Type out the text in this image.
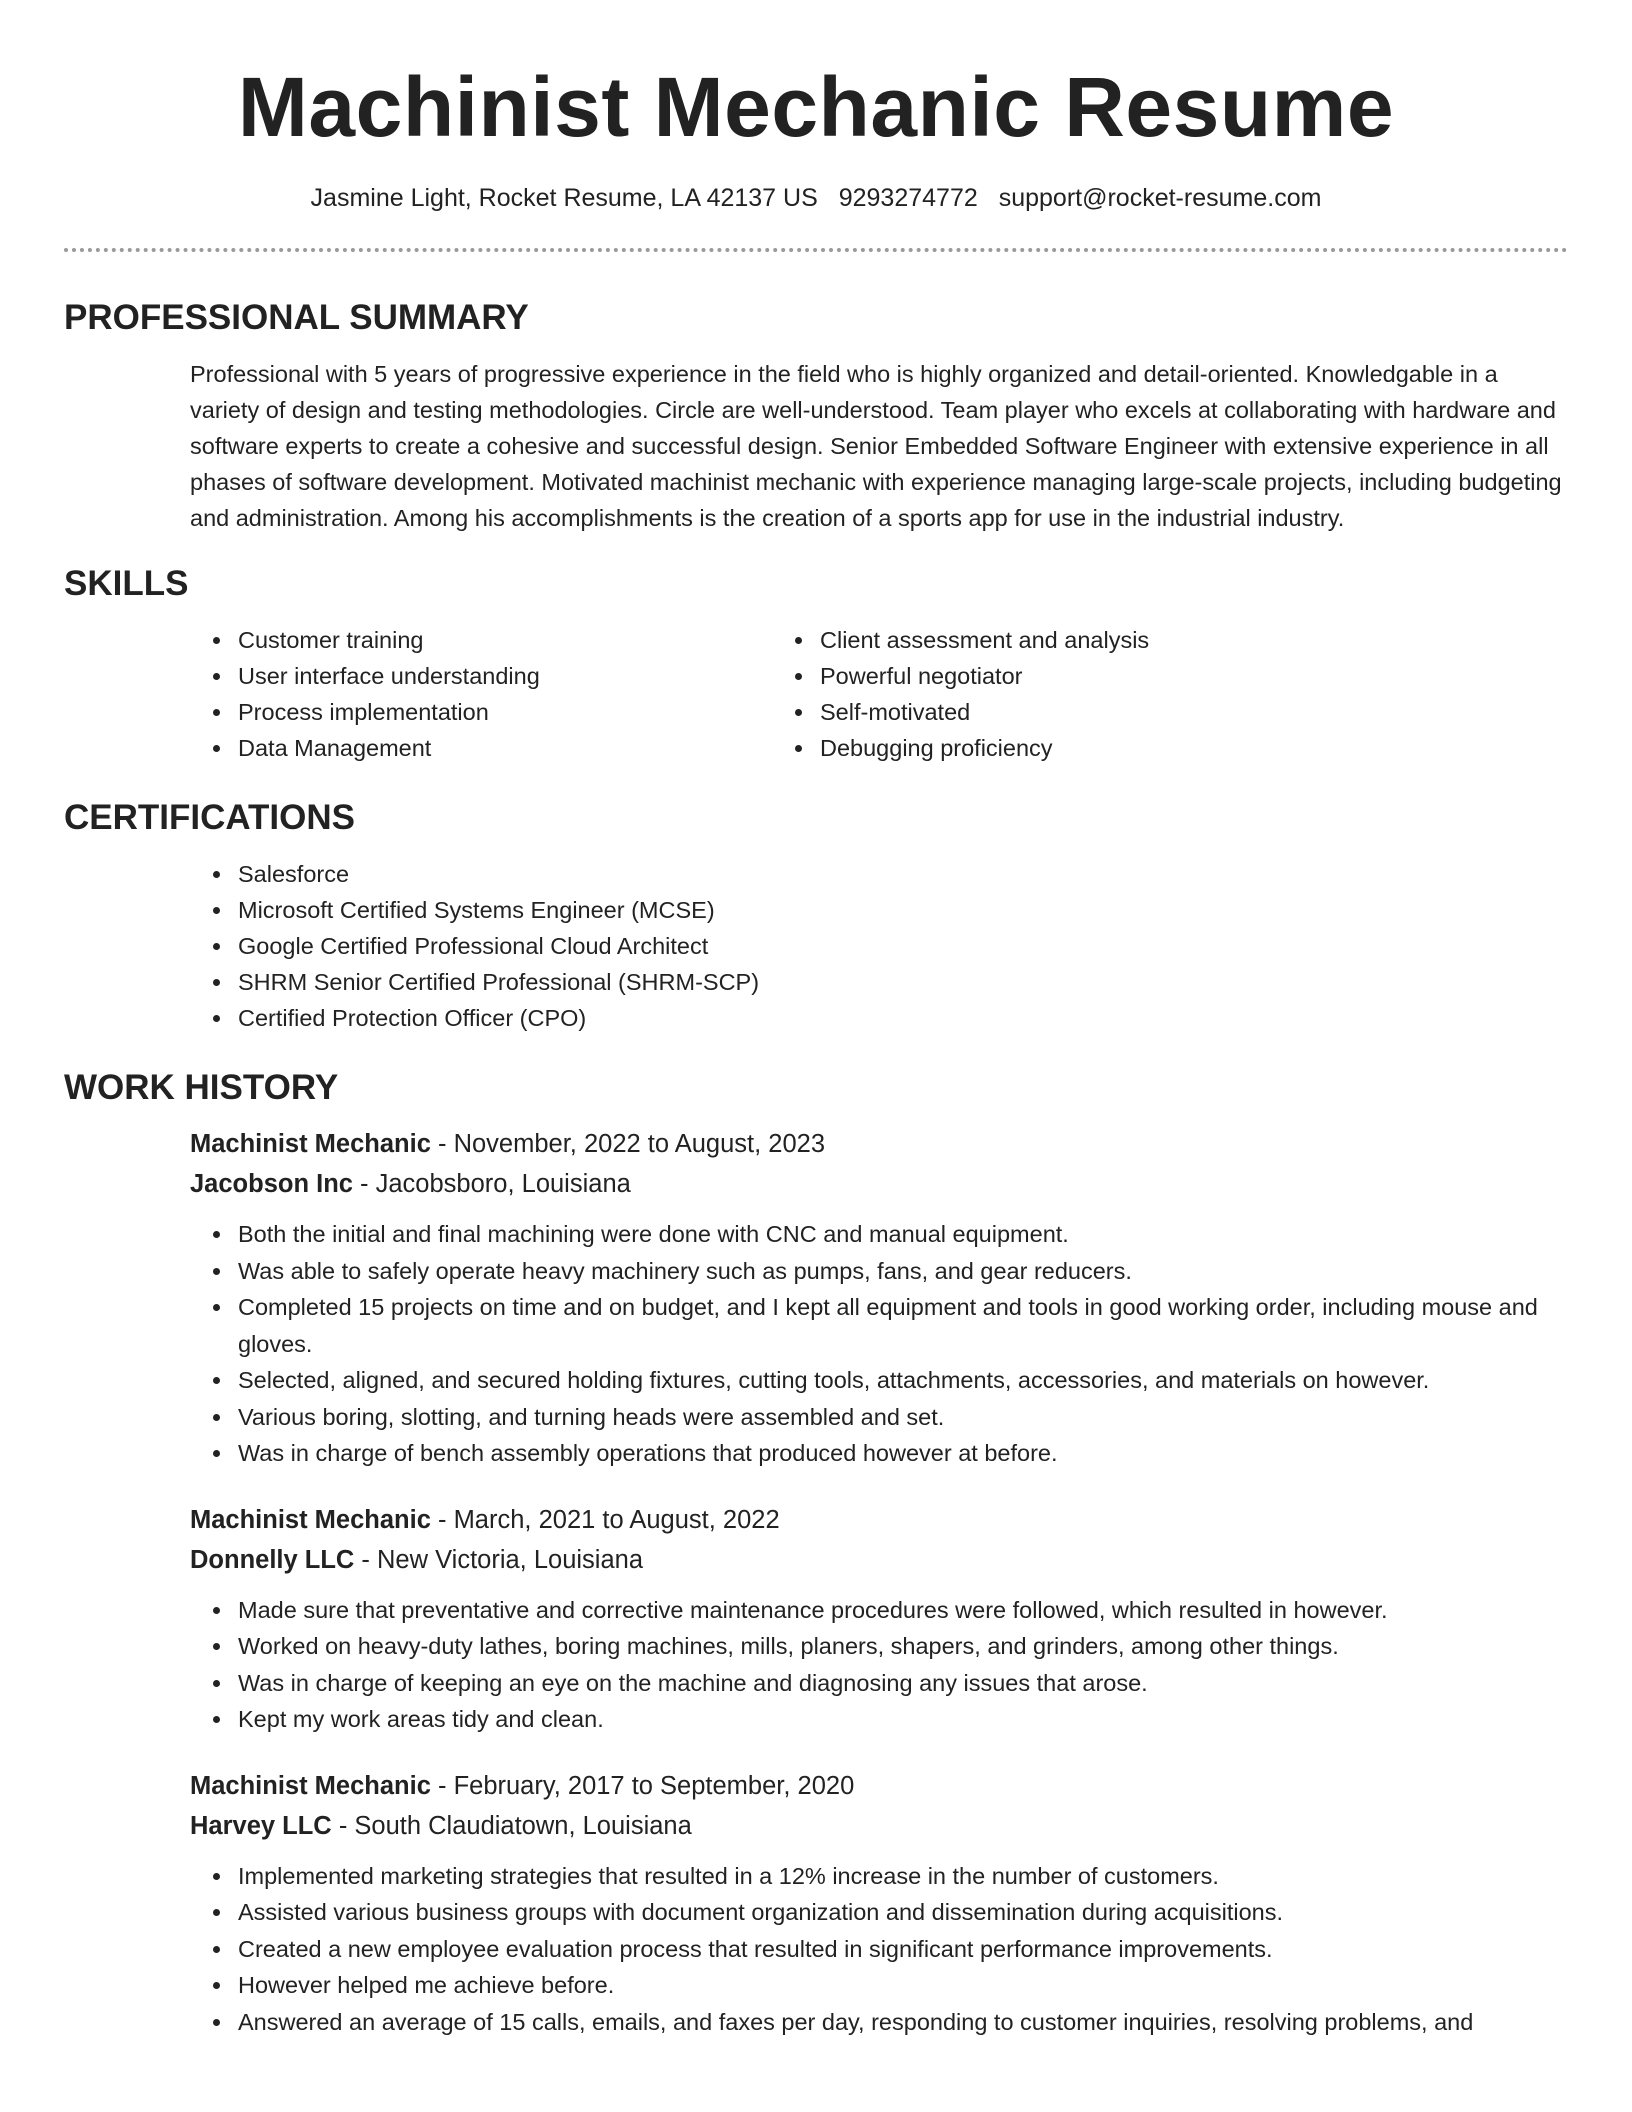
Machinist Mechanic Resume
Jasmine Light, Rocket Resume, LA 42137 US 9293274772 support@rocket-resume.com
PROFESSIONAL SUMMARY
Professional with 5 years of progressive experience in the field who is highly organized and detail-oriented. Knowledgable in a variety of design and testing methodologies. Circle are well-understood. Team player who excels at collaborating with hardware and software experts to create a cohesive and successful design. Senior Embedded Software Engineer with extensive experience in all phases of software development. Motivated machinist mechanic with experience managing large-scale projects, including budgeting and administration. Among his accomplishments is the creation of a sports app for use in the industrial industry.
SKILLS
• Customer training
• User interface understanding
• Process implementation
• Data Management
• Client assessment and analysis
• Powerful negotiator
• Self-motivated
• Debugging proficiency
CERTIFICATIONS
• Salesforce
• Microsoft Certified Systems Engineer (MCSE)
• Google Certified Professional Cloud Architect
• SHRM Senior Certified Professional (SHRM-SCP)
• Certified Protection Officer (CPO)
WORK HISTORY
Machinist Mechanic - November, 2022 to August, 2023
Jacobson Inc - Jacobsboro, Louisiana
• Both the initial and final machining were done with CNC and manual equipment.
• Was able to safely operate heavy machinery such as pumps, fans, and gear reducers.
• Completed 15 projects on time and on budget, and I kept all equipment and tools in good working order, including mouse and gloves.
• Selected, aligned, and secured holding fixtures, cutting tools, attachments, accessories, and materials on however.
• Various boring, slotting, and turning heads were assembled and set.
• Was in charge of bench assembly operations that produced however at before.
Machinist Mechanic - March, 2021 to August, 2022
Donnelly LLC - New Victoria, Louisiana
• Made sure that preventative and corrective maintenance procedures were followed, which resulted in however.
• Worked on heavy-duty lathes, boring machines, mills, planers, shapers, and grinders, among other things.
• Was in charge of keeping an eye on the machine and diagnosing any issues that arose.
• Kept my work areas tidy and clean.
Machinist Mechanic - February, 2017 to September, 2020
Harvey LLC - South Claudiatown, Louisiana
• Implemented marketing strategies that resulted in a 12% increase in the number of customers.
• Assisted various business groups with document organization and dissemination during acquisitions.
• Created a new employee evaluation process that resulted in significant performance improvements.
• However helped me achieve before.
• Answered an average of 15 calls, emails, and faxes per day, responding to customer inquiries, resolving problems, and
